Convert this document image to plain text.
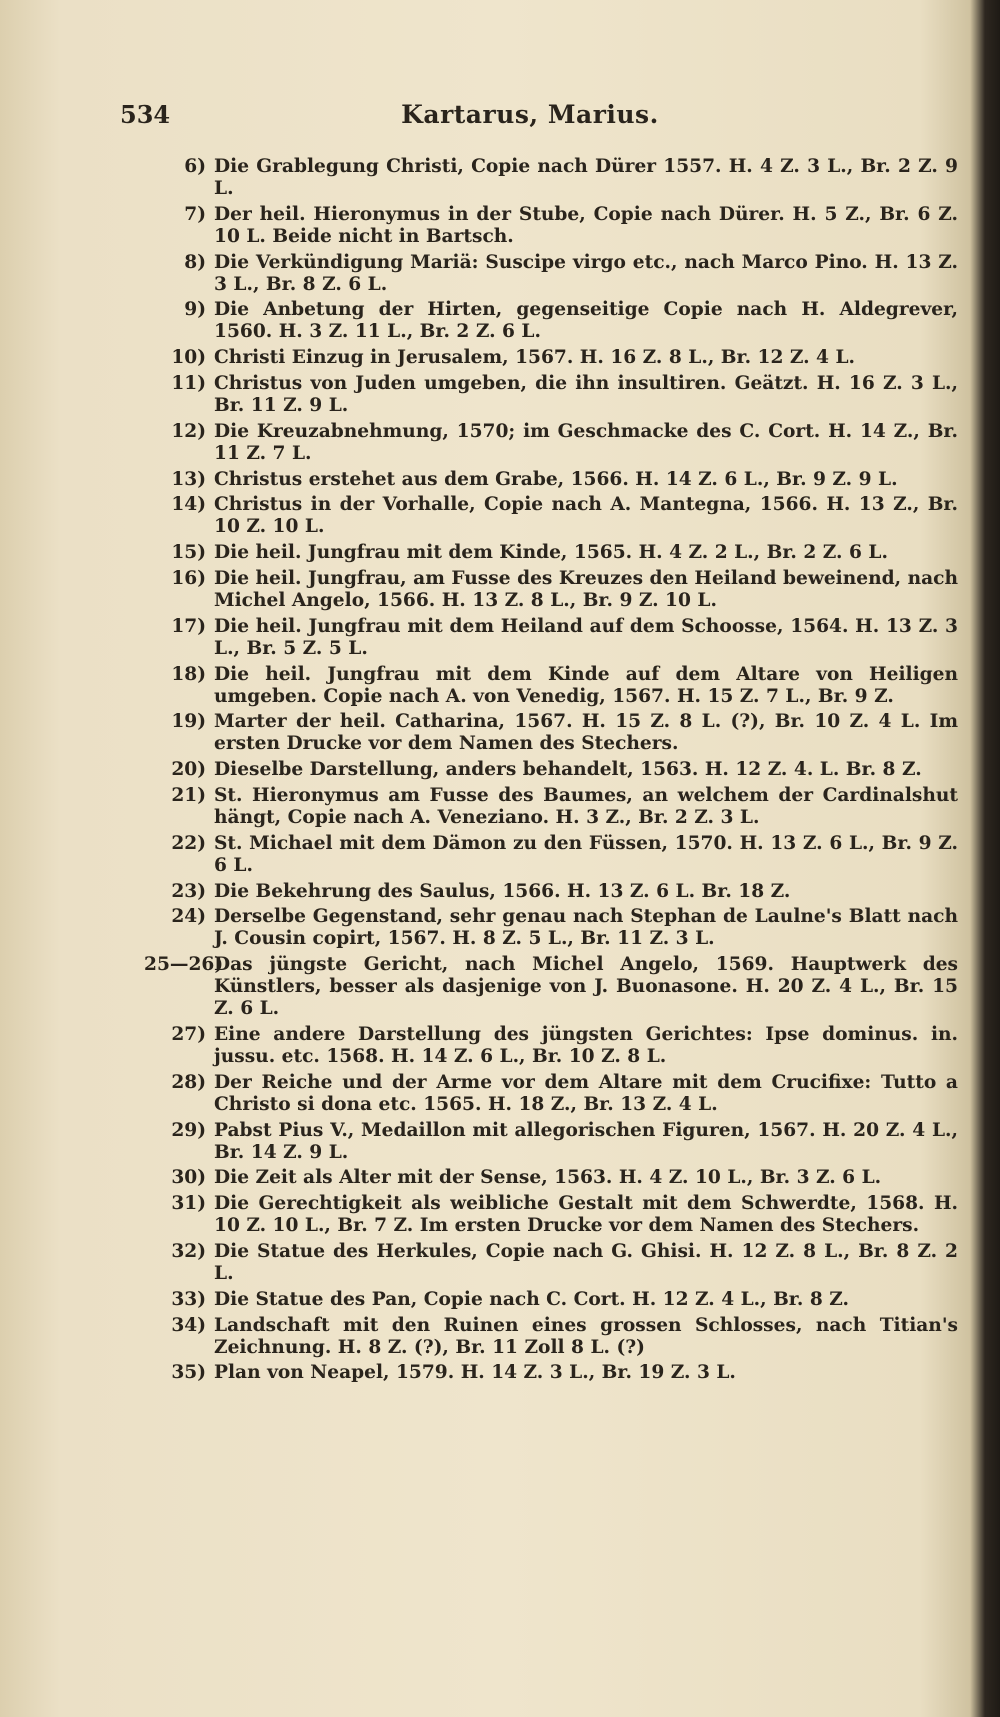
534	Kartarus, Marius.
6) Die Grablegung Christi, Copie nach Dürer 1557. H. 4 Z. 3 L., Br. 2 Z. 9 L.
7) Der heil. Hieronymus in der Stube, Copie nach Dürer. H. 5 Z., Br. 6 Z. 10 L. Beide nicht in Bartsch.
8) Die Verkündigung Mariä: Suscipe virgo etc., nach Marco Pino. H. 13 Z. 3 L., Br. 8 Z. 6 L.
9) Die Anbetung der Hirten, gegenseitige Copie nach H. Aldegrever, 1560. H. 3 Z. 11 L., Br. 2 Z. 6 L.
10) Christi Einzug in Jerusalem, 1567. H. 16 Z. 8 L., Br. 12 Z. 4 L.
11) Christus von Juden umgeben, die ihn insultiren. Geätzt. H. 16 Z. 3 L., Br. 11 Z. 9 L.
12) Die Kreuzabnehmung, 1570; im Geschmacke des C. Cort. H. 14 Z., Br. 11 Z. 7 L.
13) Christus erstehet aus dem Grabe, 1566. H. 14 Z. 6 L., Br. 9 Z. 9 L.
14) Christus in der Vorhalle, Copie nach A. Mantegna, 1566. H. 13 Z., Br. 10 Z. 10 L.
15) Die heil. Jungfrau mit dem Kinde, 1565. H. 4 Z. 2 L., Br. 2 Z. 6 L.
16) Die heil. Jungfrau, am Fusse des Kreuzes den Heiland beweinend, nach Michel Angelo, 1566. H. 13 Z. 8 L., Br. 9 Z. 10 L.
17) Die heil. Jungfrau mit dem Heiland auf dem Schoosse, 1564. H. 13 Z. 3 L., Br. 5 Z. 5 L.
18) Die heil. Jungfrau mit dem Kinde auf dem Altare von Heiligen umgeben. Copie nach A. von Venedig, 1567. H. 15 Z. 7 L., Br. 9 Z.
19) Marter der heil. Catharina, 1567. H. 15 Z. 8 L. (?), Br. 10 Z. 4 L. Im ersten Drucke vor dem Namen des Stechers.
20) Dieselbe Darstellung, anders behandelt, 1563. H. 12 Z. 4. L. Br. 8 Z.
21) St. Hieronymus am Fusse des Baumes, an welchem der Cardinalshut hängt, Copie nach A. Veneziano. H. 3 Z., Br. 2 Z. 3 L.
22) St. Michael mit dem Dämon zu den Füssen, 1570. H. 13 Z. 6 L., Br. 9 Z. 6 L.
23) Die Bekehrung des Saulus, 1566. H. 13 Z. 6 L. Br. 18 Z.
24) Derselbe Gegenstand, sehr genau nach Stephan de Laulne's Blatt nach J. Cousin copirt, 1567. H. 8 Z. 5 L., Br. 11 Z. 3 L.
25—26)
Das jüngste Gericht, nach Michel Angelo, 1569. Hauptwerk des Künstlers, besser als dasjenige von J. Buonasone. H. 20 Z. 4 L., Br. 15 Z. 6 L.
27) Eine andere Darstellung des jüngsten Gerichtes: Ipse dominus. in. jussu. etc. 1568. H. 14 Z. 6 L., Br. 10 Z. 8 L.
28) Der Reiche und der Arme vor dem Altare mit dem Crucifixe: Tutto a Christo si dona etc. 1565. H. 18 Z., Br. 13 Z. 4 L.
29) Pabst Pius V., Medaillon mit allegorischen Figuren, 1567. H. 20 Z. 4 L., Br. 14 Z. 9 L.
30) Die Zeit als Alter mit der Sense, 1563. H. 4 Z. 10 L., Br. 3 Z. 6 L.
31) Die Gerechtigkeit als weibliche Gestalt mit dem Schwerdte, 1568. H. 10 Z. 10 L., Br. 7 Z. Im ersten Drucke vor dem Namen des Stechers.
32) Die Statue des Herkules, Copie nach G. Ghisi. H. 12 Z. 8 L., Br. 8 Z. 2 L.
33) Die Statue des Pan, Copie nach C. Cort. H. 12 Z. 4 L., Br. 8 Z.
34) Landschaft mit den Ruinen eines grossen Schlosses, nach Titian's Zeichnung. H. 8 Z. (?), Br. 11 Zoll 8 L. (?)
35) Plan von Neapel, 1579. H. 14 Z. 3 L., Br. 19 Z. 3 L.
